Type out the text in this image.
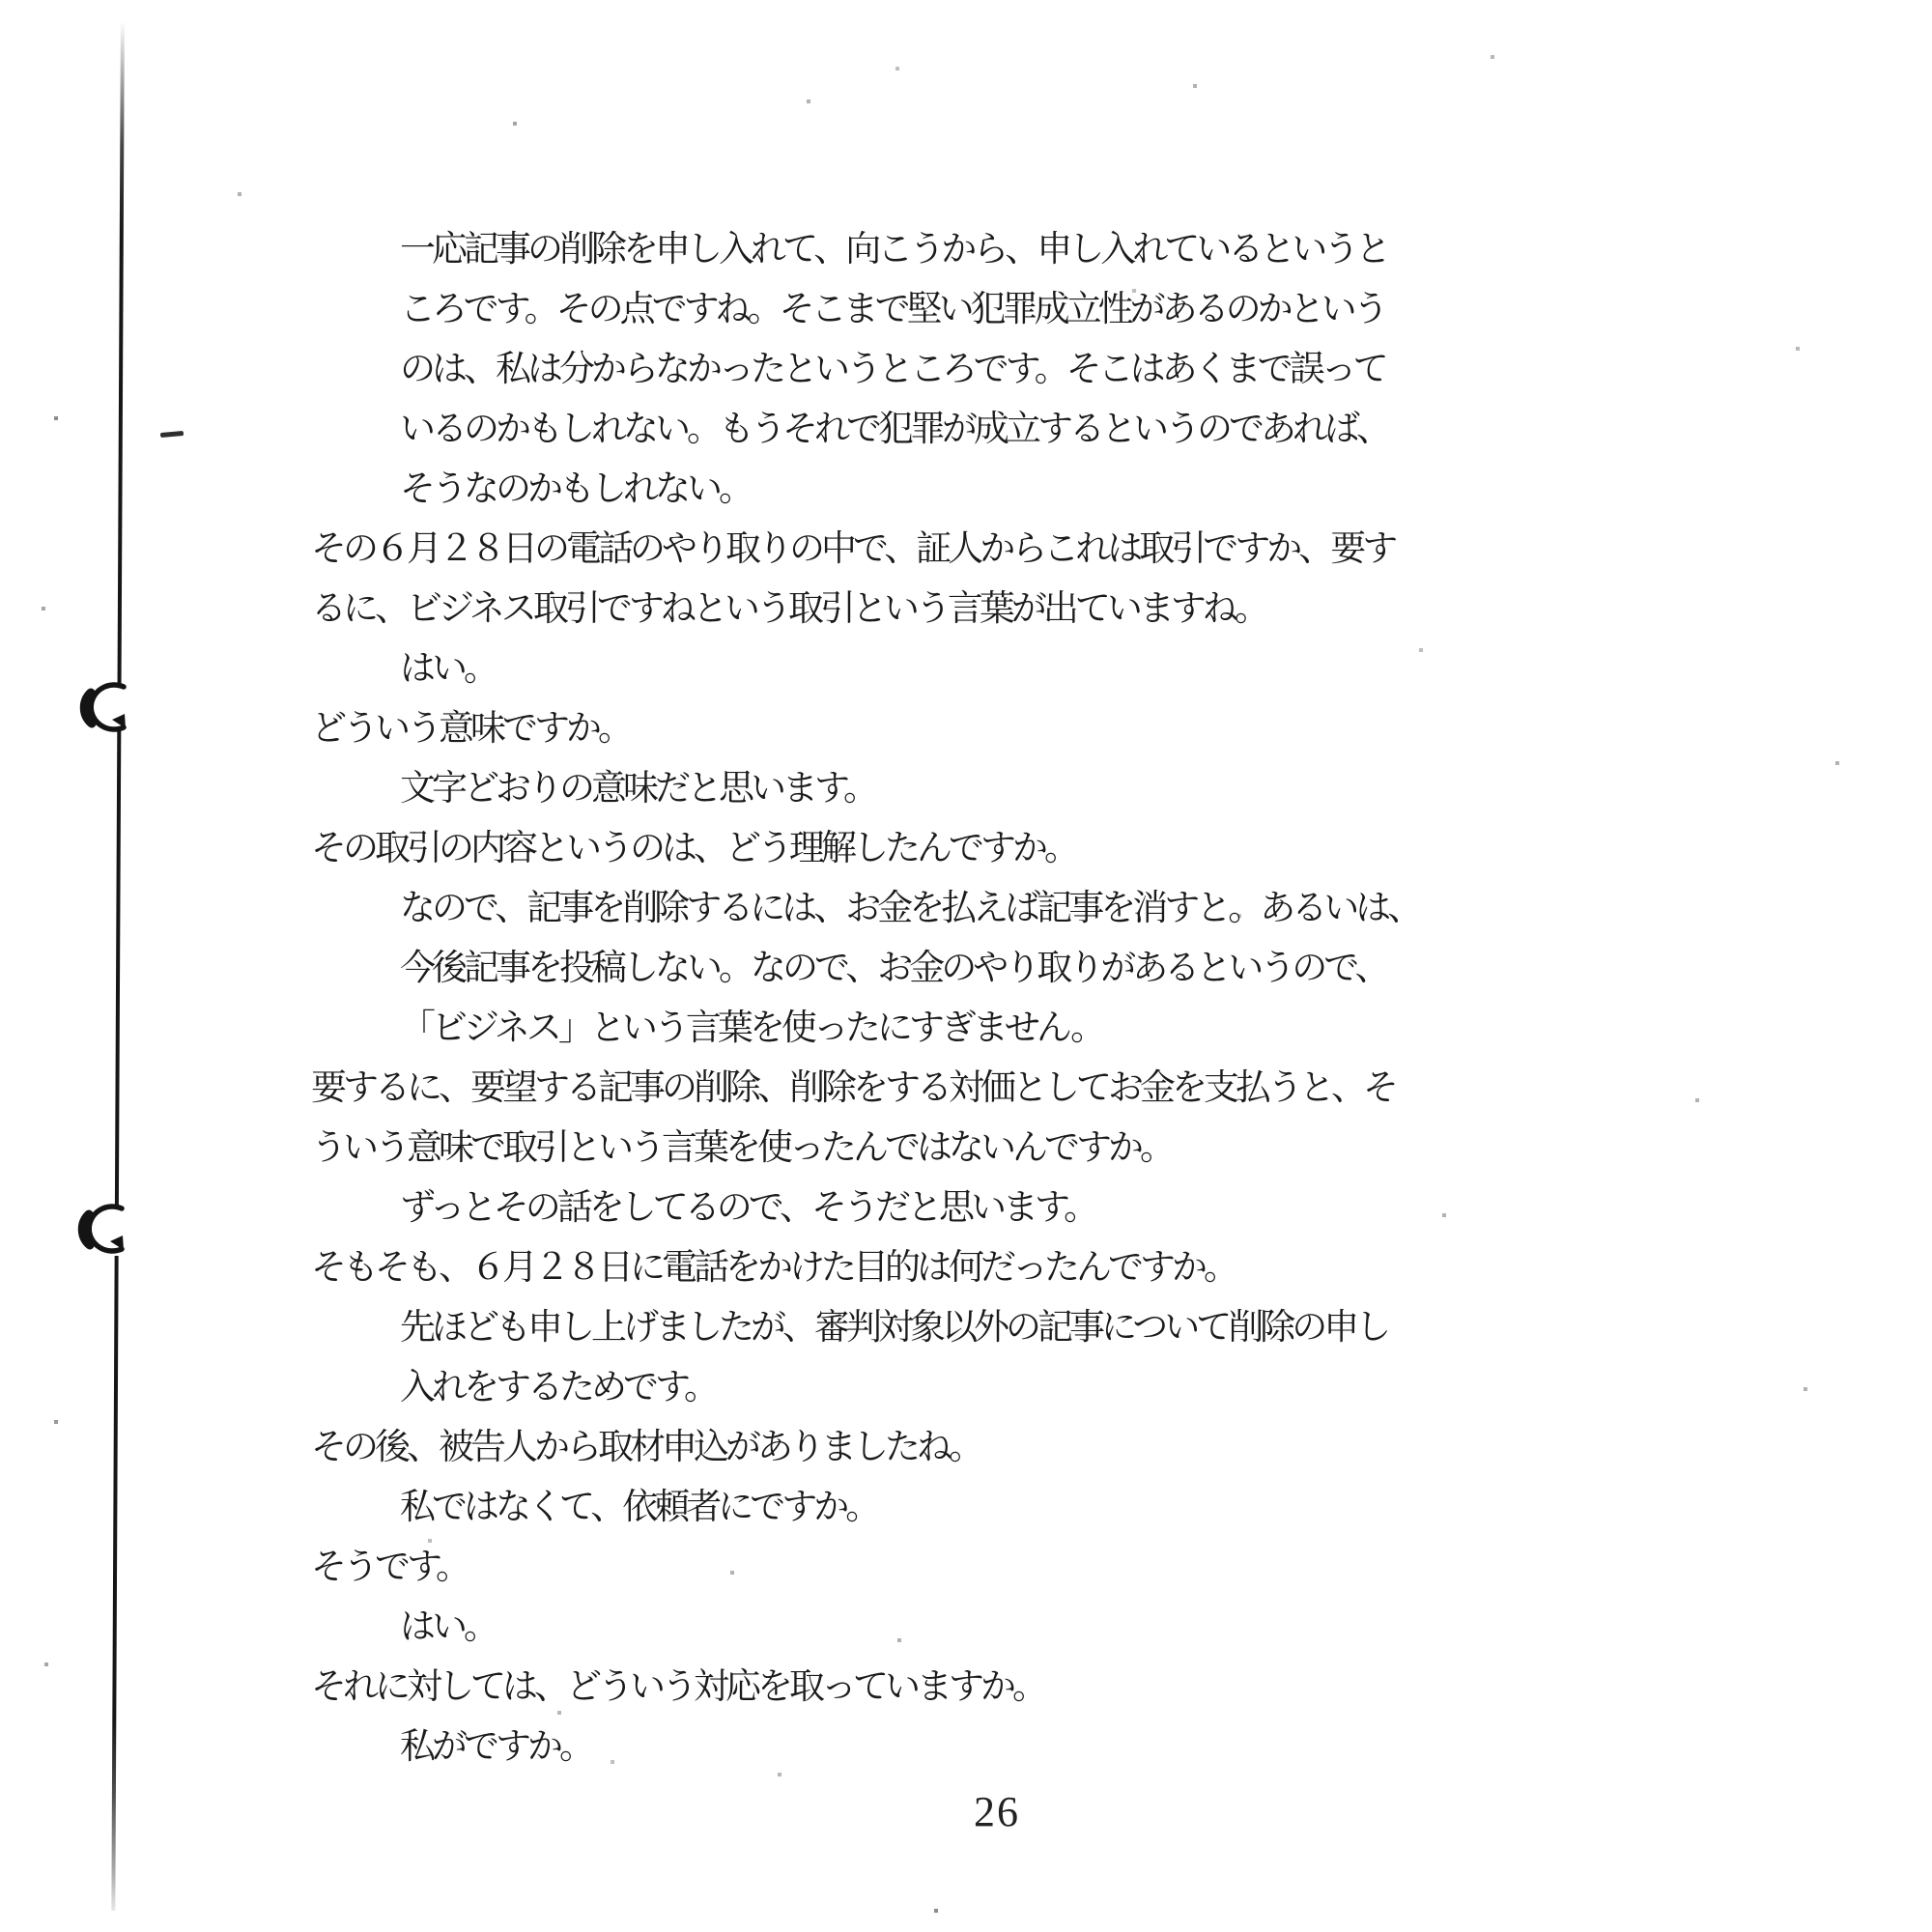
一応記事の削除を申し入れて、向こうから、申し入れているというと
ころです。その点ですね。そこまで堅い犯罪成立性があるのかという
のは、私は分からなかったというところです。そこはあくまで誤って
いるのかもしれない。もうそれで犯罪が成立するというのであれば、
そうなのかもしれない。
その６月２８日の電話のやり取りの中で、証人からこれは取引ですか、要す
るに、ビジネス取引ですねという取引という言葉が出ていますね。
はい。
どういう意味ですか。
文字どおりの意味だと思います。
その取引の内容というのは、どう理解したんですか。
なので、記事を削除するには、お金を払えば記事を消すと。あるいは、
今後記事を投稿しない。なので、お金のやり取りがあるというので、
「ビジネス」という言葉を使ったにすぎません。
要するに、要望する記事の削除、削除をする対価としてお金を支払うと、そ
ういう意味で取引という言葉を使ったんではないんですか。
ずっとその話をしてるので、そうだと思います。
そもそも、６月２８日に電話をかけた目的は何だったんですか。
先ほども申し上げましたが、審判対象以外の記事について削除の申し
入れをするためです。
その後、被告人から取材申込がありましたね。
私ではなくて、依頼者にですか。
そうです。
はい。
それに対しては、どういう対応を取っていますか。
私がですか。
26
